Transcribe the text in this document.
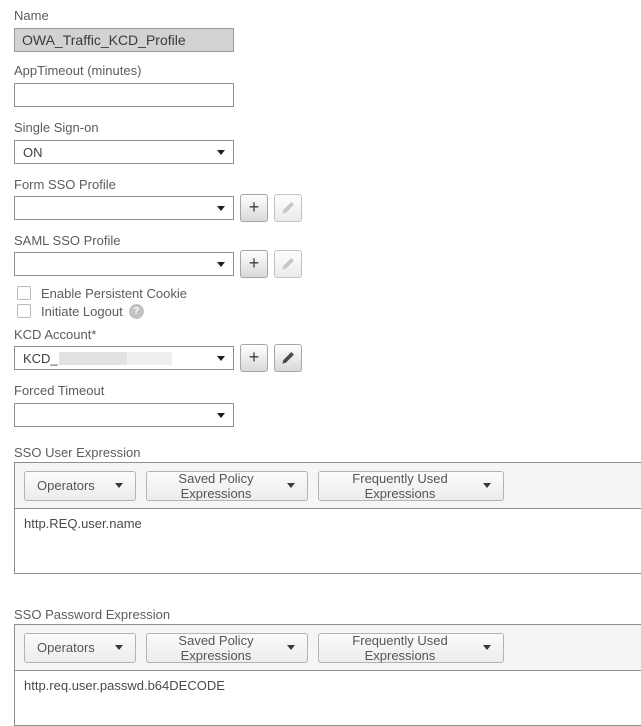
Name
OWA_Traffic_KCD_Profile
AppTimeout (minutes)
Single Sign-on
ON
Form SSO Profile
+
SAML SSO Profile
+
Enable Persistent Cookie
Initiate Logout	?
KCD Account*
KCD_	+
Forced Timeout
SSO User Expression
Operators	Saved Policy Expressions
Frequently Used Expressions
http.REQ.user.name
SSO Password Expression
Operators	Saved Policy Expressions
Frequently Used Expressions
http.req.user.passwd.b64DECODE
